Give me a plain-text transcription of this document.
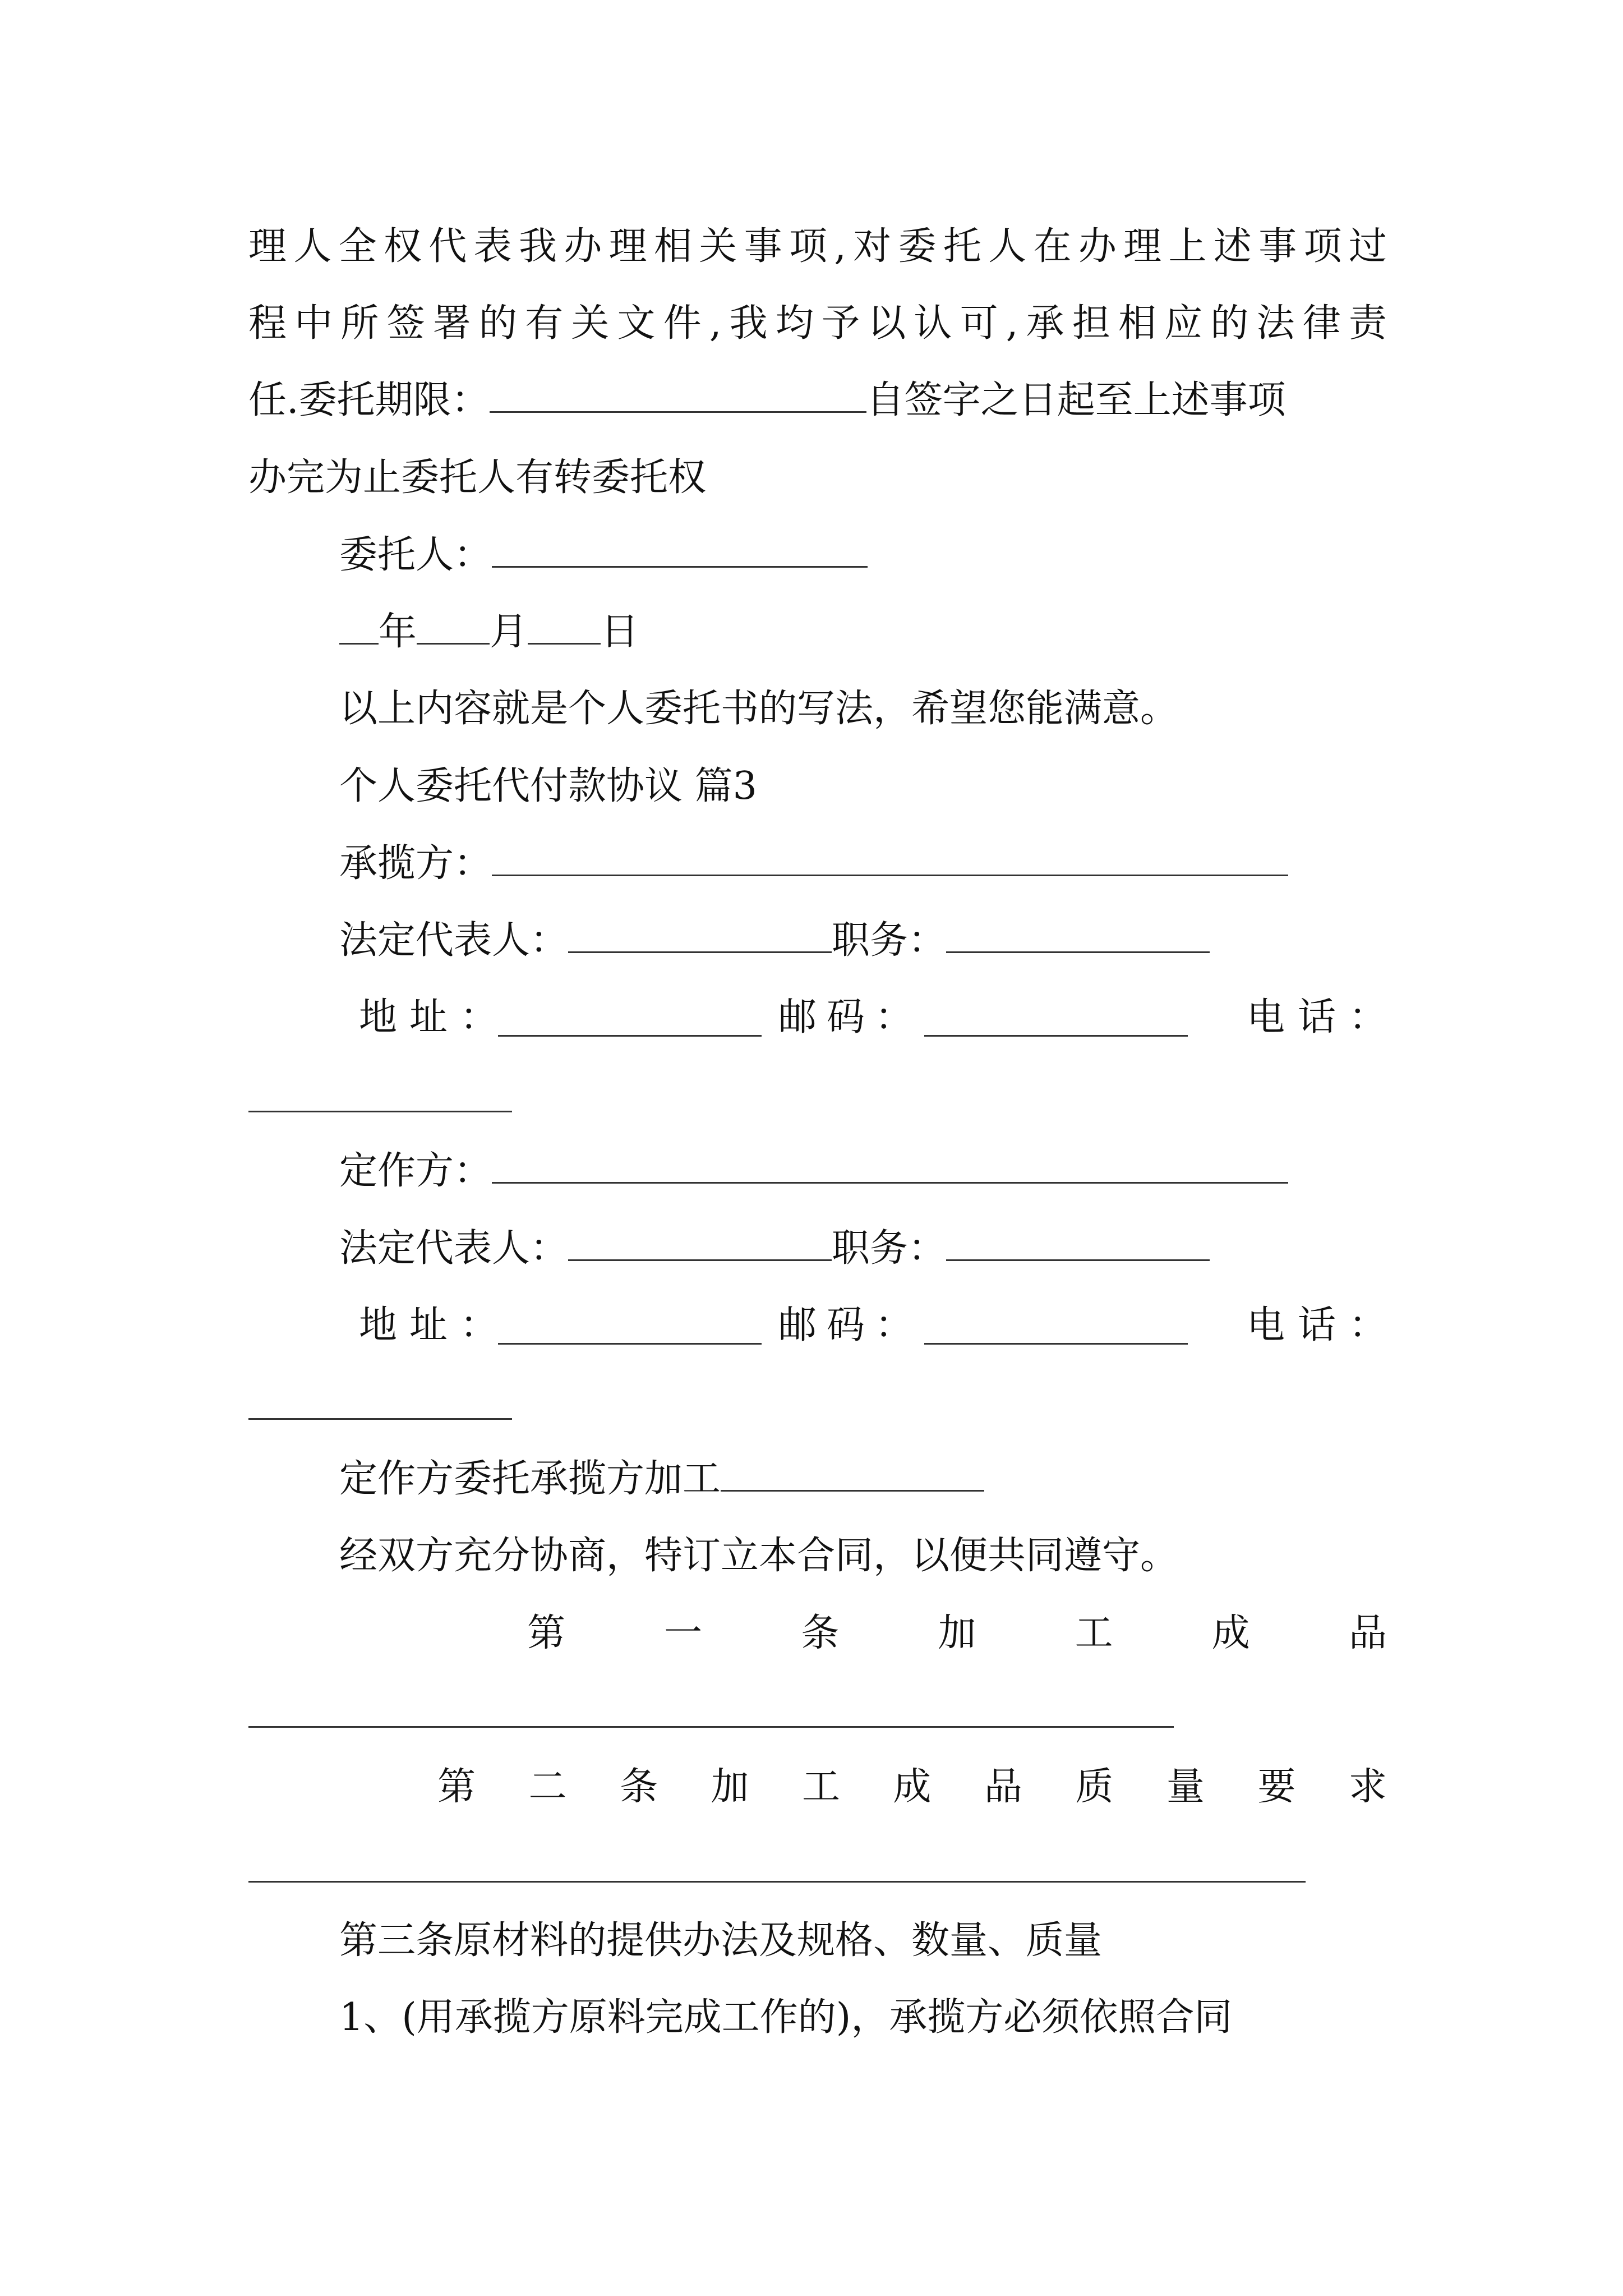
理 人 全 权 代 表 我 办 理 相 关 事 项 , 对 委 托 人 在 办 理 上 述 事 项 过
程 中 所 签 署 的 有 关 文 件 , 我 均 予 以 认 可 , 承 担 相 应 的 法 律 责
任.委托期限：	自签字之日起至上述事项
办完为止委托人有转委托权
委托人：
年 月 日
以上内容就是个人委托书的写法，希望您能满意。
个人委托代付款协议 篇3
承揽方：
法定代表人：	职务：
地 址 ：	邮 码 ：	电 话 ：
定作方：
法定代表人：	职务：
地 址 ：	邮 码 ：	电 话 ：
定作方委托承揽方加工
经双方充分协商，特订立本合同，以便共同遵守。
第	一	条	加	工	成	品
第 二 条 加 工 成 品 质 量 要 求
第三条原材料的提供办法及规格、数量、质量
1、(用承揽方原料完成工作的)，承揽方必须依照合同
